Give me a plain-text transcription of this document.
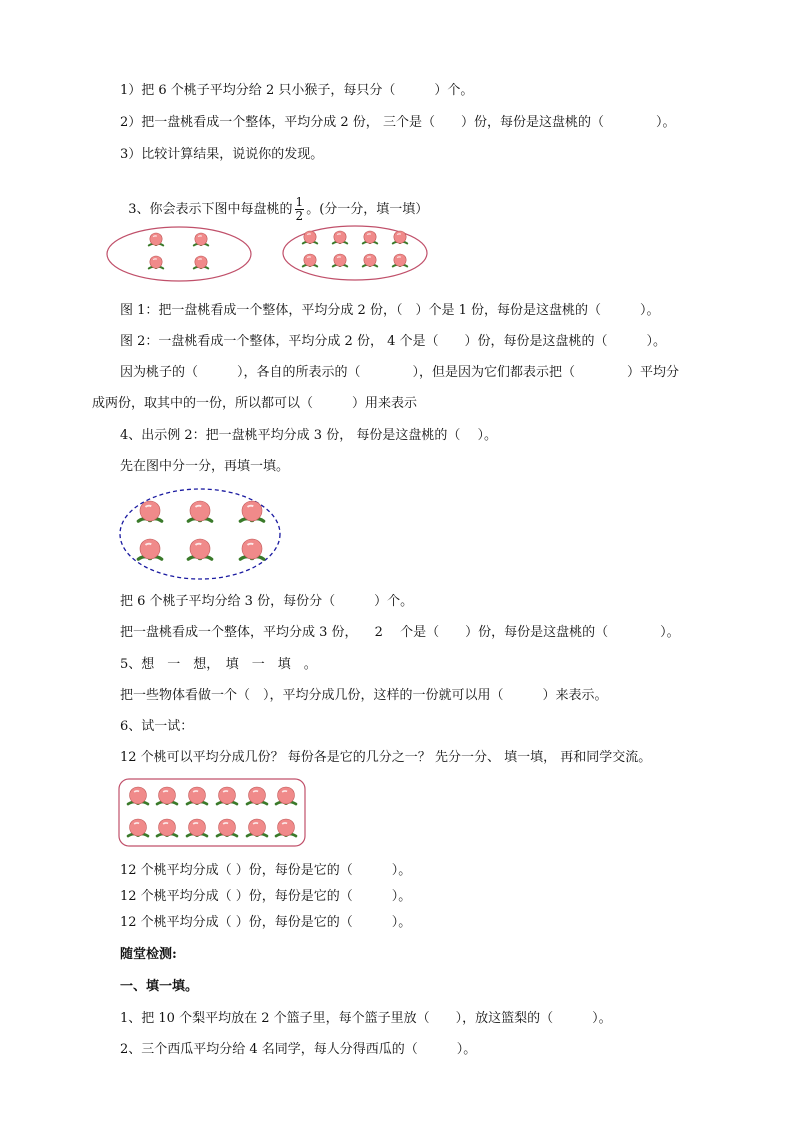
1）把 6 个桃子平均分给 2 只小猴子，每只分（　　　）个。
2）把一盘桃看成一个整体，平均分成 2 份， 三个是（　　）份，每份是这盘桃的（　　　　）。
3）比较计算结果，说说你的发现。

3、你会表示下图中每盘桃的 $\frac{1}{2}$ 。(分一分，填一填）

图 1：把一盘桃看成一个整体，平均分成 2 份，（　）个是 1 份，每份是这盘桃的（　　　）。
图 2：一盘桃看成一个整体，平均分成 2 份， 4 个是（　　）份，每份是这盘桃的（　　　）。
因为桃子的（　　　），各自的所表示的（　　　　），但是因为它们都表示把（　　　　）平均分
成两份，取其中的一份，所以都可以（　　　）用来表示
4、出示例 2：把一盘桃平均分成 3 份， 每份是这盘桃的（　 ）。
先在图中分一分，再填一填。
把 6 个桃子平均分给 3 份，每份分（　　　）个。
把一盘桃看成一个整体，平均分成 3 份， 　2　 个是（　　）份，每份是这盘桃的（　　　　）。
5、想　一　想，　填　一　填　。
把一些物体看做一个（　），平均分成几份，这样的一份就可以用（　　　）来表示。
6、试一试：
12 个桃可以平均分成几份？ 每份各是它的几分之一？ 先分一分、 填一填， 再和同学交流。
12 个桃平均分成（ ）份，每份是它的（　　　）。
12 个桃平均分成（ ）份，每份是它的（　　　）。
12 个桃平均分成（ ）份，每份是它的（　　　）。
随堂检测:
一、填一填。
1、把 10 个梨平均放在 2 个篮子里，每个篮子里放（　　），放这篮梨的（　　　）。
2、三个西瓜平均分给 4 名同学，每人分得西瓜的（　　　）。
